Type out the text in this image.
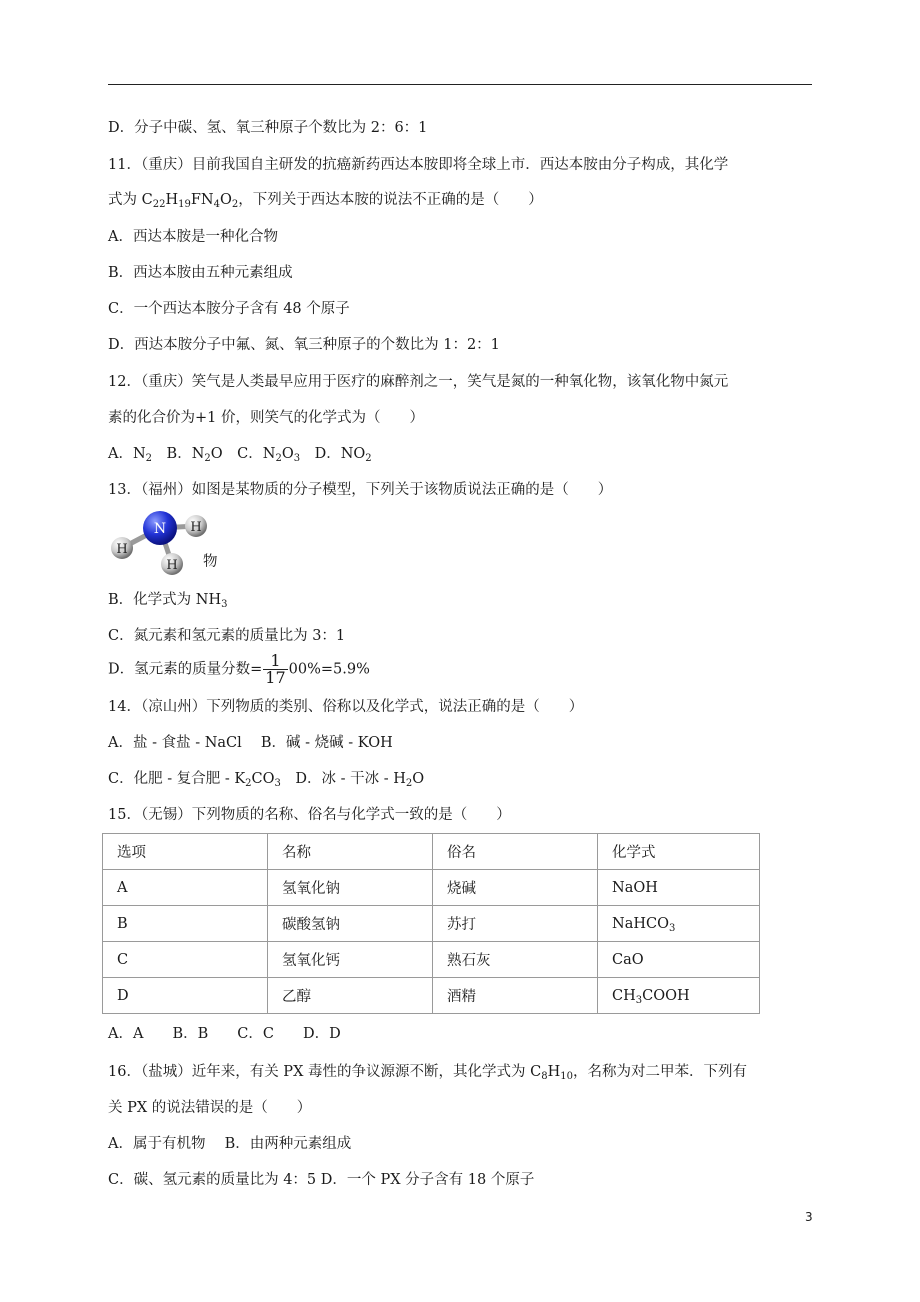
D．分子中碳、氢、氧三种原子个数比为 2：6：1
11．（重庆）目前我国自主研发的抗癌新药西达本胺即将全球上市．西达本胺由分子构成，其化学
式为 $C_{22}H_{19}FN_4O_2$，下列关于西达本胺的说法不正确的是（　　）
A．西达本胺是一种化合物
B．西达本胺由五种元素组成
C．一个西达本胺分子含有 48 个原子
D．西达本胺分子中氟、氮、氧三种原子的个数比为 1：2：1
12．（重庆）笑气是人类最早应用于医疗的麻醉剂之一，笑气是氮的一种氧化物，该氧化物中氮元
素的化合价为+1 价，则笑气的化学式为（　　）
A．$N_2$　B．$N_2O$　C．$N_2O_3$　D．$NO_2$
13．（福州）如图是某物质的分子模型，下列关于该物质说法正确的是（　　）
N H
H
H 物
B．化学式为 $NH_3$
C．氮元素和氢元素的质量比为 3：1
D．氢元素的质量分数= $\frac{1}{17} 00\%=5.9\%$
14．（凉山州）下列物质的类别、俗称以及化学式，说法正确的是（　　）
A．盐 - 食盐 - NaCl　 B．碱 - 烧碱 - KOH
C．化肥 - 复合肥 - $K_2CO_3$　D．冰 - 干冰 - $H_2O$
15．（无锡）下列物质的名称、俗名与化学式一致的是（　　）
选项	名称	俗名	化学式
A	氢氧化钠	烧碱	NaOH
B	碳酸氢钠	苏打	NaHCO$_3$
C	氢氧化钙	熟石灰	CaO
D	乙醇	酒精	$CH_3COOH$
A．A　　B．B　　C．C　　D．D
16．（盐城）近年来，有关 PX 毒性的争议源源不断，其化学式为 $C_8H_{10}$，名称为对二甲苯．下列有
关 PX 的说法错误的是（　　）
A．属于有机物　 B．由两种元素组成
C．碳、氢元素的质量比为 4：5 D．一个 PX 分子含有 18 个原子
3
